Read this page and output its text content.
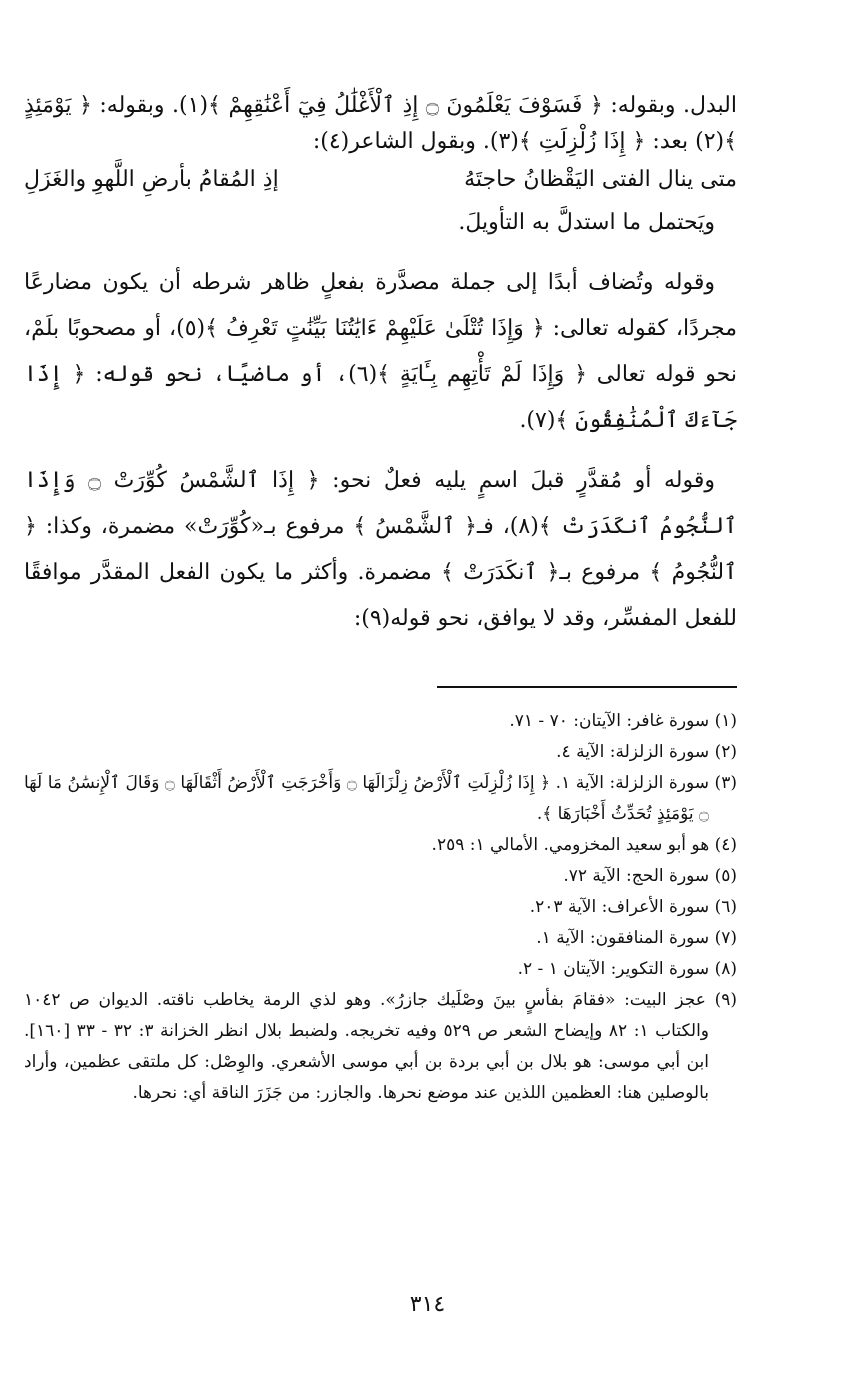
البدل. وبقوله: ﴿ فَسَوْفَ يَعْلَمُونَ ۝ إِذِ ٱلْأَغْلَٰلُ فِيٓ أَعْنَٰقِهِمْ ﴾(١). وبقوله: ﴿ يَوْمَئِذٍ ﴾(٢) بعد: ﴿ إِذَا زُلْزِلَتِ ﴾(٣). وبقول الشاعر(٤):

متى ينال الفتى اليَقْظانُ حاجتَهُ
إذِ المُقامُ بأرضِ اللَّهوِ والغَزَلِ

ويَحتمل ما استدلَّ به التأويلَ.

وقوله وتُضاف أبدًا إلى جملة مصدَّرة بفعلٍ ظاهر شرطه أن يكون مضارعًا مجردًا، كقوله تعالى: ﴿ وَإِذَا تُتْلَىٰ عَلَيْهِمْ ءَايَٰتُنَا بَيِّنَٰتٍ تَعْرِفُ ﴾(٥)، أو مصحوبًا بلَمْ، نحو قوله تعالى ﴿ وَإِذَا لَمْ تَأْتِهِم بِـَٔايَةٍ ﴾(٦)، أو ماضيًا، نحو قوله: ﴿ إِذَا جَآءَكَ ٱلْمُنَٰفِقُونَ ﴾(٧).

وقوله أو مُقدَّرٍ قبلَ اسمٍ يليه فعلٌ نحو: ﴿ إِذَا ٱلشَّمْسُ كُوِّرَتْ ۝ وَإِذَا ٱلنُّجُومُ ٱنكَدَرَتْ ﴾(٨)، فـ﴿ ٱلشَّمْسُ ﴾ مرفوع بـ«كُوِّرَتْ» مضمرة، وكذا: ﴿ ٱلنُّجُومُ ﴾ مرفوع بـ﴿ ٱنكَدَرَتْ ﴾ مضمرة. وأكثر ما يكون الفعل المقدَّر موافقًا للفعل المفسِّر، وقد لا يوافق، نحو قوله(٩):

(١) سورة غافر: الآيتان: ٧٠ - ٧١.

(٢) سورة الزلزلة: الآية ٤.

(٣) سورة الزلزلة: الآية ١. ﴿ إِذَا زُلْزِلَتِ ٱلْأَرْضُ زِلْزَالَهَا ۝ وَأَخْرَجَتِ ٱلْأَرْضُ أَثْقَالَهَا ۝ وَقَالَ ٱلْإِنسَٰنُ مَا لَهَا ۝ يَوْمَئِذٍ تُحَدِّثُ أَخْبَارَهَا ﴾.

(٤) هو أبو سعيد المخزومي. الأمالي ١: ٢٥٩.

(٥) سورة الحج: الآية ٧٢.

(٦) سورة الأعراف: الآية ٢٠٣.

(٧) سورة المنافقون: الآية ١.

(٨) سورة التكوير: الآيتان ١ - ٢.

(٩) عجز البيت: «فقامَ بفأسٍ بينَ وصْلَيك جازرُ». وهو لذي الرمة يخاطب ناقته. الديوان ص ١٠٤٢ والكتاب ١: ٨٢ وإيضاح الشعر ص ٥٢٩ وفيه تخريجه. ولضبط بلال انظر الخزانة ٣: ٣٢ - ٣٣ [١٦٠]. ابن أبي موسى: هو بلال بن أبي بردة بن أبي موسى الأشعري. والوِصْل: كل ملتقى عظمين، وأراد بالوصلين هنا: العظمين اللذين عند موضع نحرها. والجازر: من جَزَرَ الناقة أي: نحرها.

٣١٤
